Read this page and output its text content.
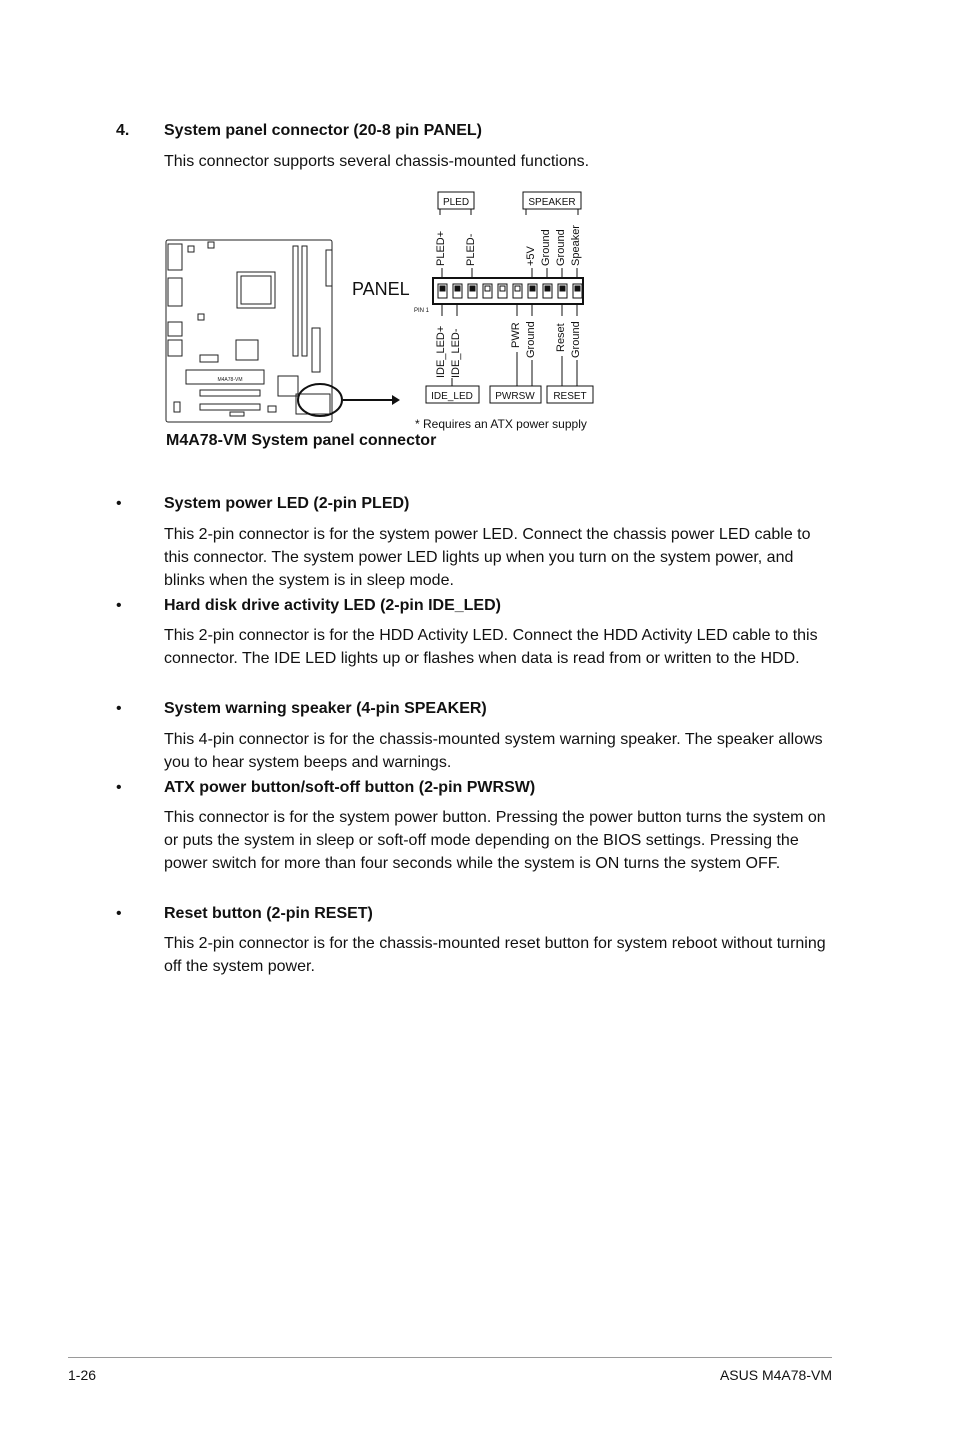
4. System panel connector (20-8 pin PANEL)
This connector supports several chassis-mounted functions.
M4A78-VM
PANEL
PIN 1
PLED	SPEAKER
PLED+ PLED-	+5V Ground Ground Speaker
IDE_LED+ IDE_LED-	PWR Ground Reset Ground
IDE_LED PWRSW RESET
* Requires an ATX power supply
M4A78-VM System panel connector
•	System power LED (2-pin PLED)
This 2-pin connector is for the system power LED. Connect the chassis power LED cable to this connector. The system power LED lights up when you turn on the system power, and blinks when the system is in sleep mode.
•	Hard disk drive activity LED (2-pin IDE_LED)
This 2-pin connector is for the HDD Activity LED. Connect the HDD Activity LED cable to this connector. The IDE LED lights up or flashes when data is read from or written to the HDD.
•	System warning speaker (4-pin SPEAKER)
This 4-pin connector is for the chassis-mounted system warning speaker. The speaker allows you to hear system beeps and warnings.
•	ATX power button/soft-off button (2-pin PWRSW)
This connector is for the system power button. Pressing the power button turns the system on or puts the system in sleep or soft-off mode depending on the BIOS settings. Pressing the power switch for more than four seconds while the system is ON turns the system OFF.
•	Reset button (2-pin RESET)
This 2-pin connector is for the chassis-mounted reset button for system reboot without turning off the system power.
1-26	ASUS M4A78-VM
